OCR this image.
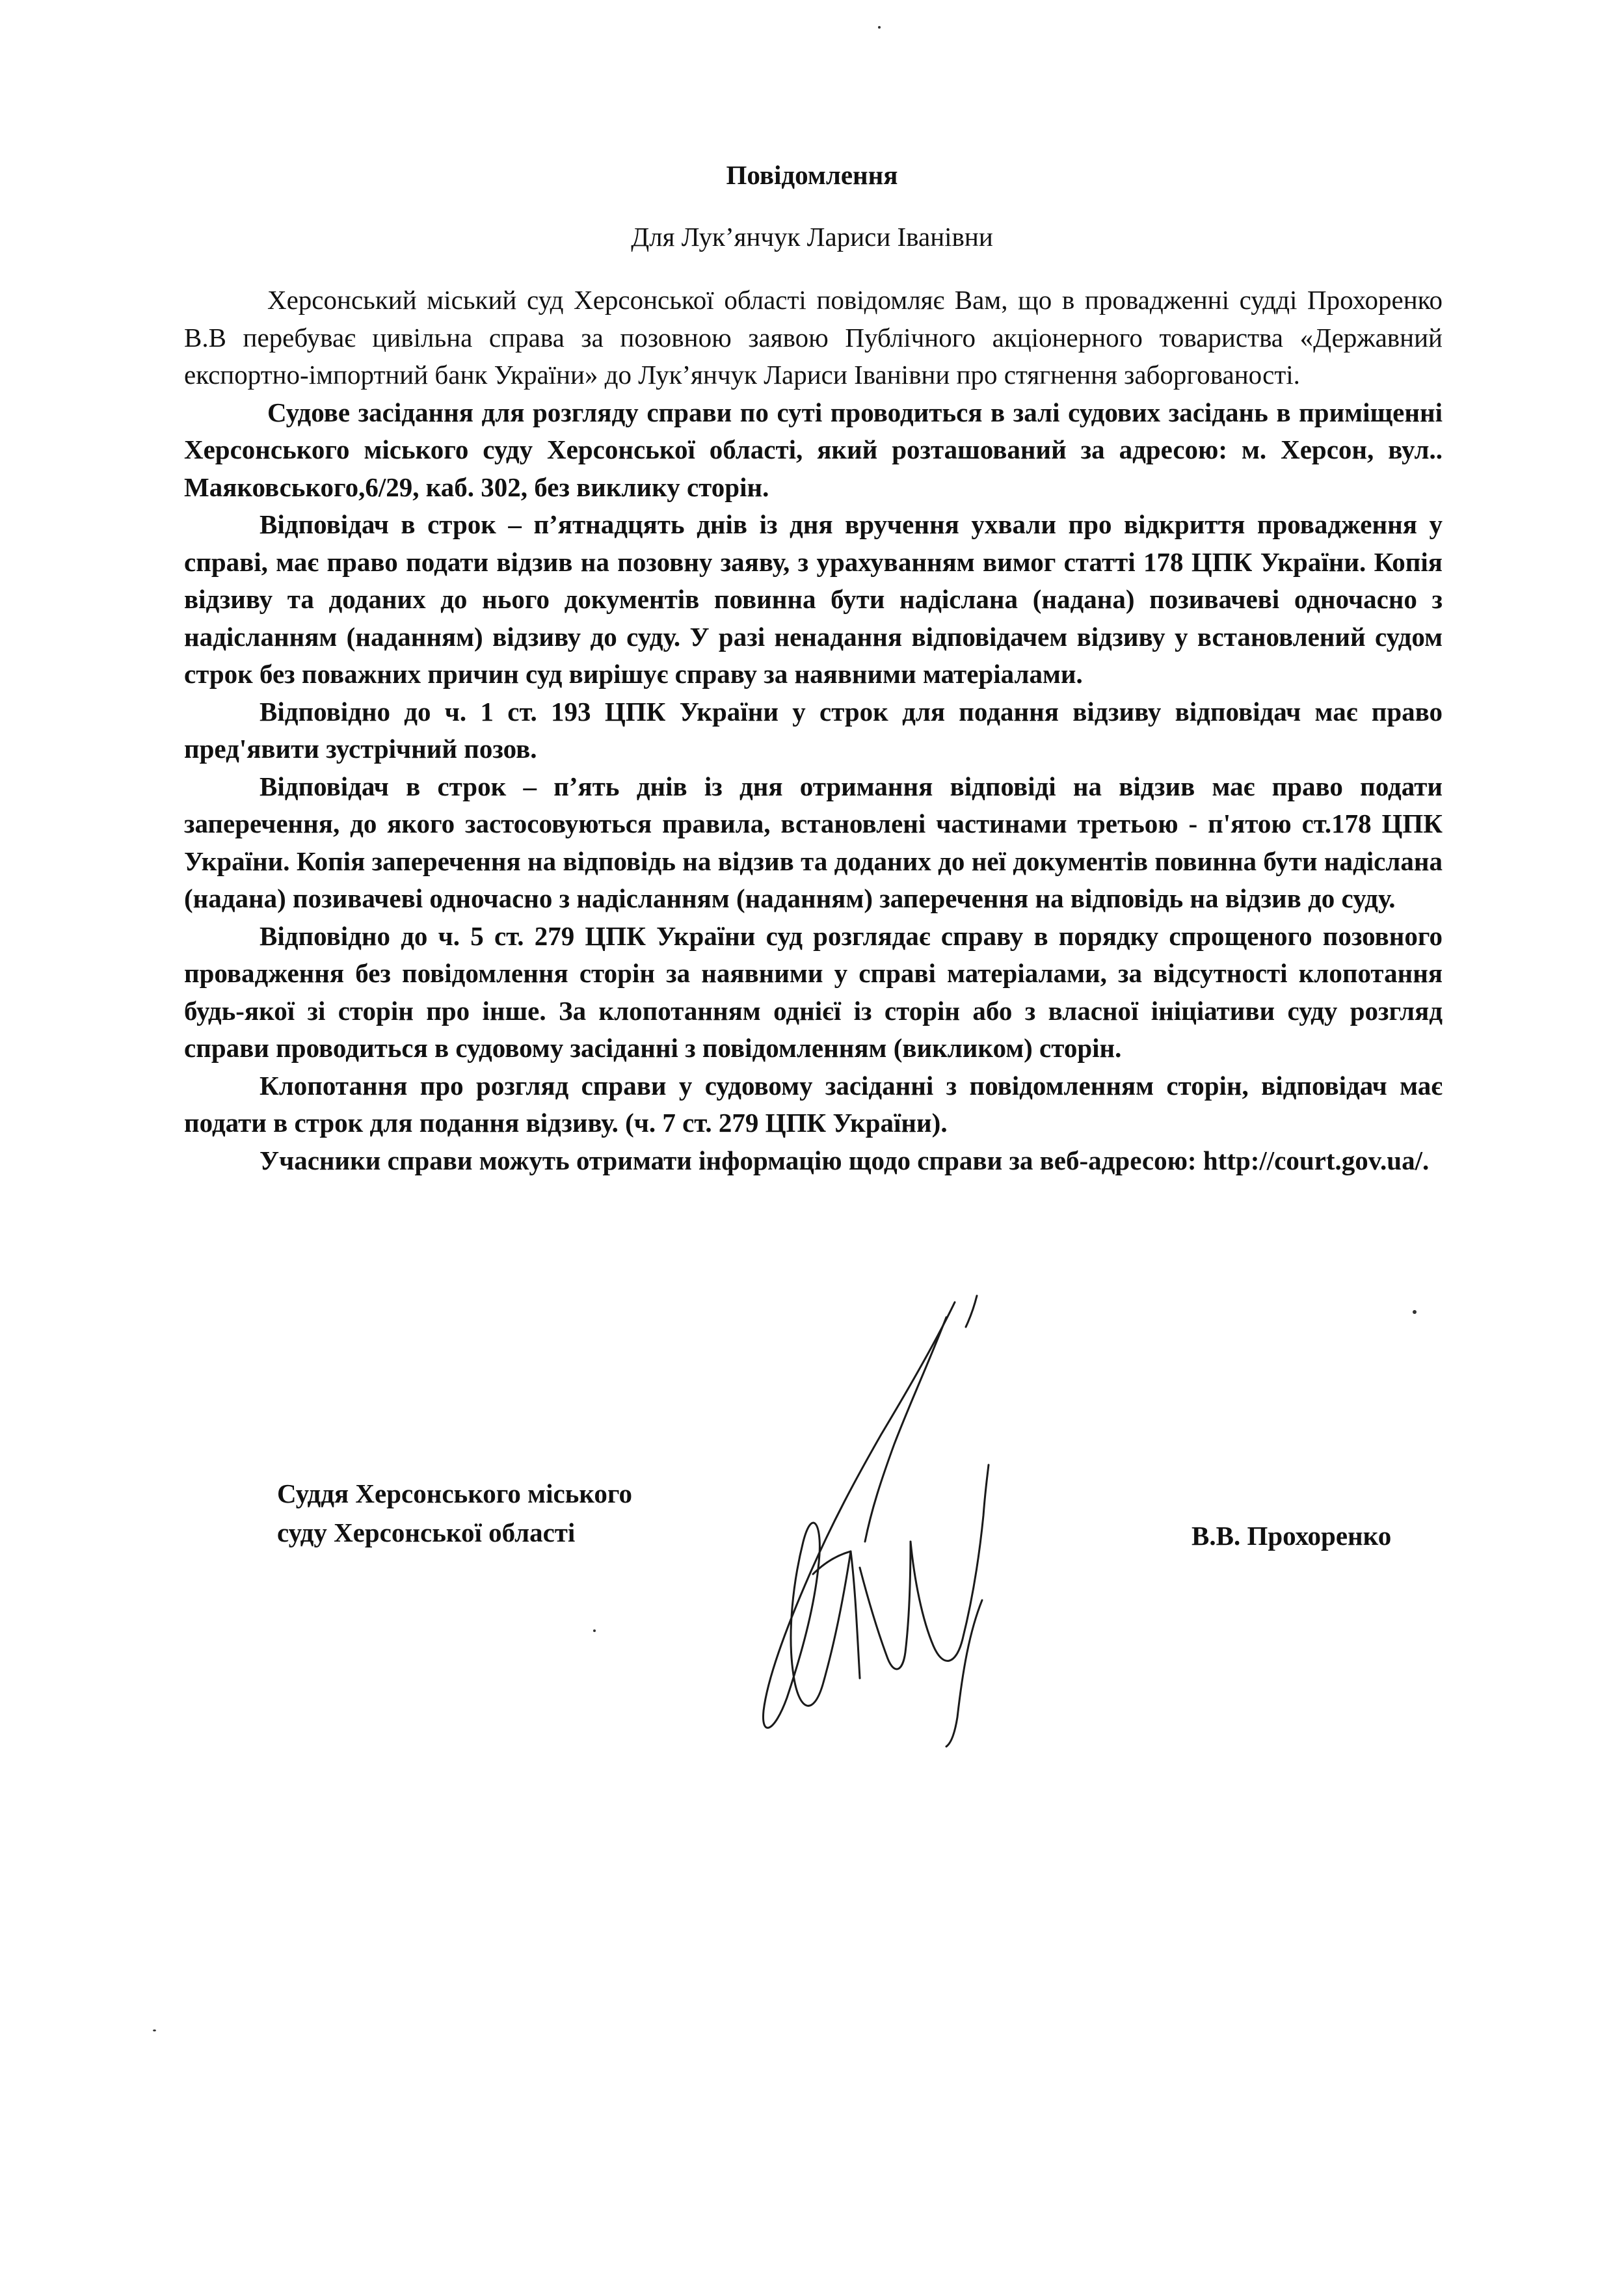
Повідомлення
Для Лук’янчук Лариси Іванівни

Херсонський міський суд Херсонської області повідомляє Вам, що в провадженні судді Прохоренко В.В перебуває цивільна справа за позовною заявою Публічного акціонерного товариства «Державний експортно-імпортний банк України» до Лук’янчук Лариси Іванівни про стягнення заборгованості.

Судове засідання для розгляду справи по суті проводиться в залі судових засідань в приміщенні Херсонського міського суду Херсонської області, який розташований за адресою: м. Херсон, вул.. Маяковського,6/29, каб. 302, без виклику сторін.

Відповідач в строк – п’ятнадцять днів із дня вручення ухвали про відкриття провадження у справі, має право подати відзив на позовну заяву, з урахуванням вимог статті 178 ЦПК України. Копія відзиву та доданих до нього документів повинна бути надіслана (надана) позивачеві одночасно з надісланням (наданням) відзиву до суду. У разі ненадання відповідачем відзиву у встановлений судом строк без поважних причин суд вирішує справу за наявними матеріалами.

Відповідно до ч. 1 ст. 193 ЦПК України у строк для подання відзиву відповідач має право пред'явити зустрічний позов.

Відповідач в строк – п’ять днів із дня отримання відповіді на відзив має право подати заперечення, до якого застосовуються правила, встановлені частинами третьою - п'ятою ст.178 ЦПК України. Копія заперечення на відповідь на відзив та доданих до неї документів повинна бути надіслана (надана) позивачеві одночасно з надісланням (наданням) заперечення на відповідь на відзив до суду.

Відповідно до ч. 5 ст. 279 ЦПК України суд розглядає справу в порядку спрощеного позовного провадження без повідомлення сторін за наявними у справі матеріалами, за відсутності клопотання будь-якої зі сторін про інше. За клопотанням однієї із сторін або з власної ініціативи суду розгляд справи проводиться в судовому засіданні з повідомленням (викликом) сторін.

Клопотання про розгляд справи у судовому засіданні з повідомленням сторін, відповідач має подати в строк для подання відзиву. (ч. 7 ст. 279 ЦПК України).

Учасники справи можуть отримати інформацію щодо справи за веб-адресою: http://court.gov.ua/.

Суддя Херсонського міського
суду Херсонської області	В.В. Прохоренко
